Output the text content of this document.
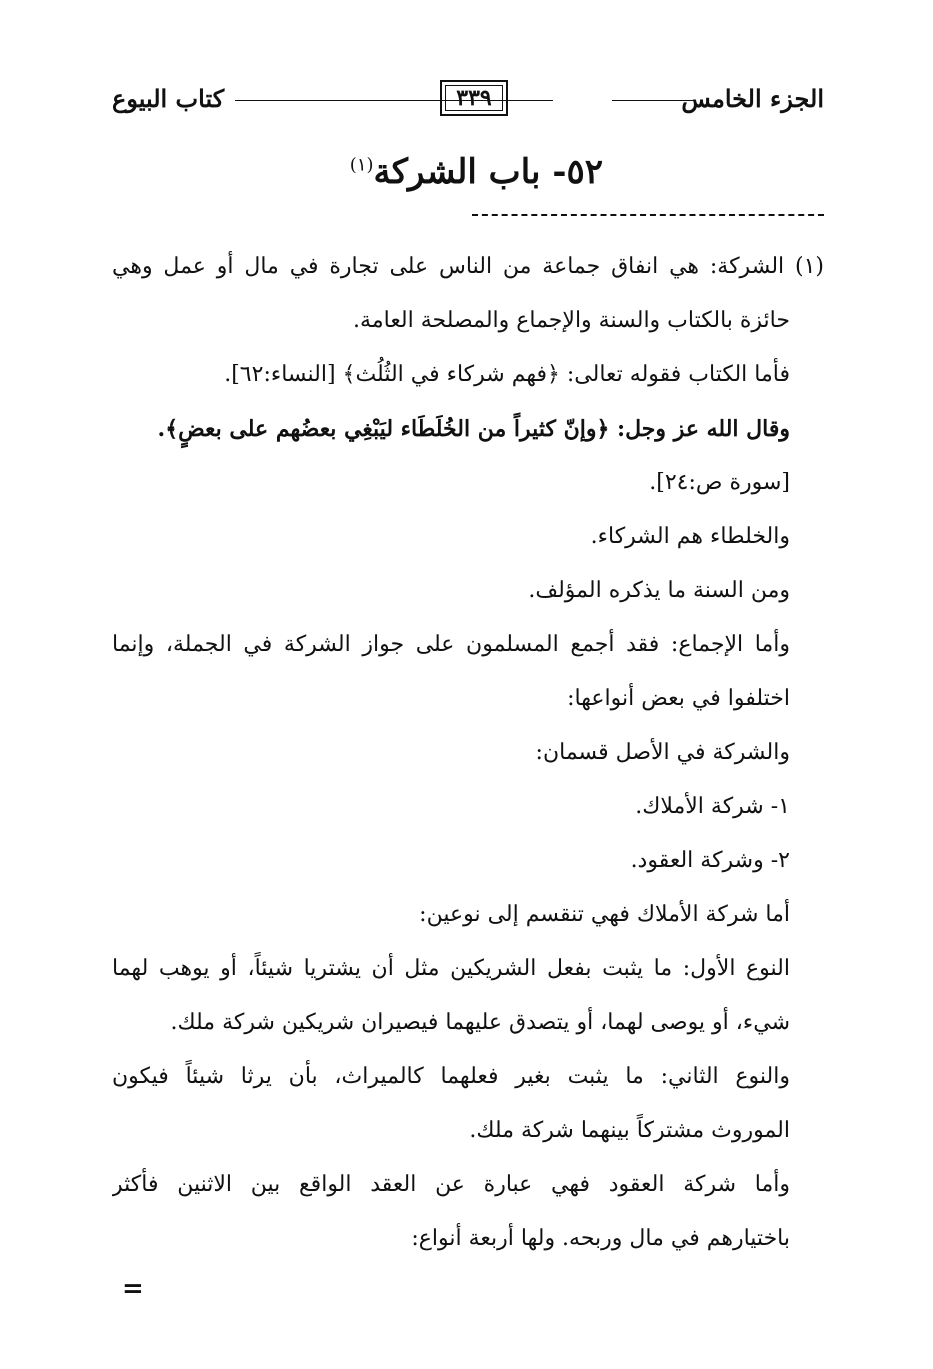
الجزء الخامس
٣٣٩
كتاب البيوع
٥٢- باب الشركة$^{(١)}$
(١) الشركة: هي انفاق جماعة من الناس على تجارة في مال أو عمل وهي
حائزة بالكتاب والسنة والإجماع والمصلحة العامة.
فأما الكتاب فقوله تعالى: ﴿فهم شركاء في الثُلُث﴾ [النساء:٦٢].
وقال الله عز وجل: ﴿وإنّ كثيراً من الخُلَطَاء ليَبْغِي بعضُهم على بعضٍ﴾.
[سورة ص:٢٤].
والخلطاء هم الشركاء.
ومن السنة ما يذكره المؤلف.
وأما الإجماع: فقد أجمع المسلمون على جواز الشركة في الجملة، وإنما
اختلفوا في بعض أنواعها:
والشركة في الأصل قسمان:
١- شركة الأملاك.
٢- وشركة العقود.
أما شركة الأملاك فهي تنقسم إلى نوعين:
النوع الأول: ما يثبت بفعل الشريكين مثل أن يشتريا شيئاً، أو يوهب لهما
شيء، أو يوصى لهما، أو يتصدق عليهما فيصيران شريكين شركة ملك.
والنوع الثاني: ما يثبت بغير فعلهما كالميراث، بأن يرثا شيئاً فيكون
الموروث مشتركاً بينهما شركة ملك.
وأما شركة العقود فهي عبارة عن العقد الواقع بين الاثنين فأكثر
باختيارهم في مال وربحه. ولها أربعة أنواع:
=
